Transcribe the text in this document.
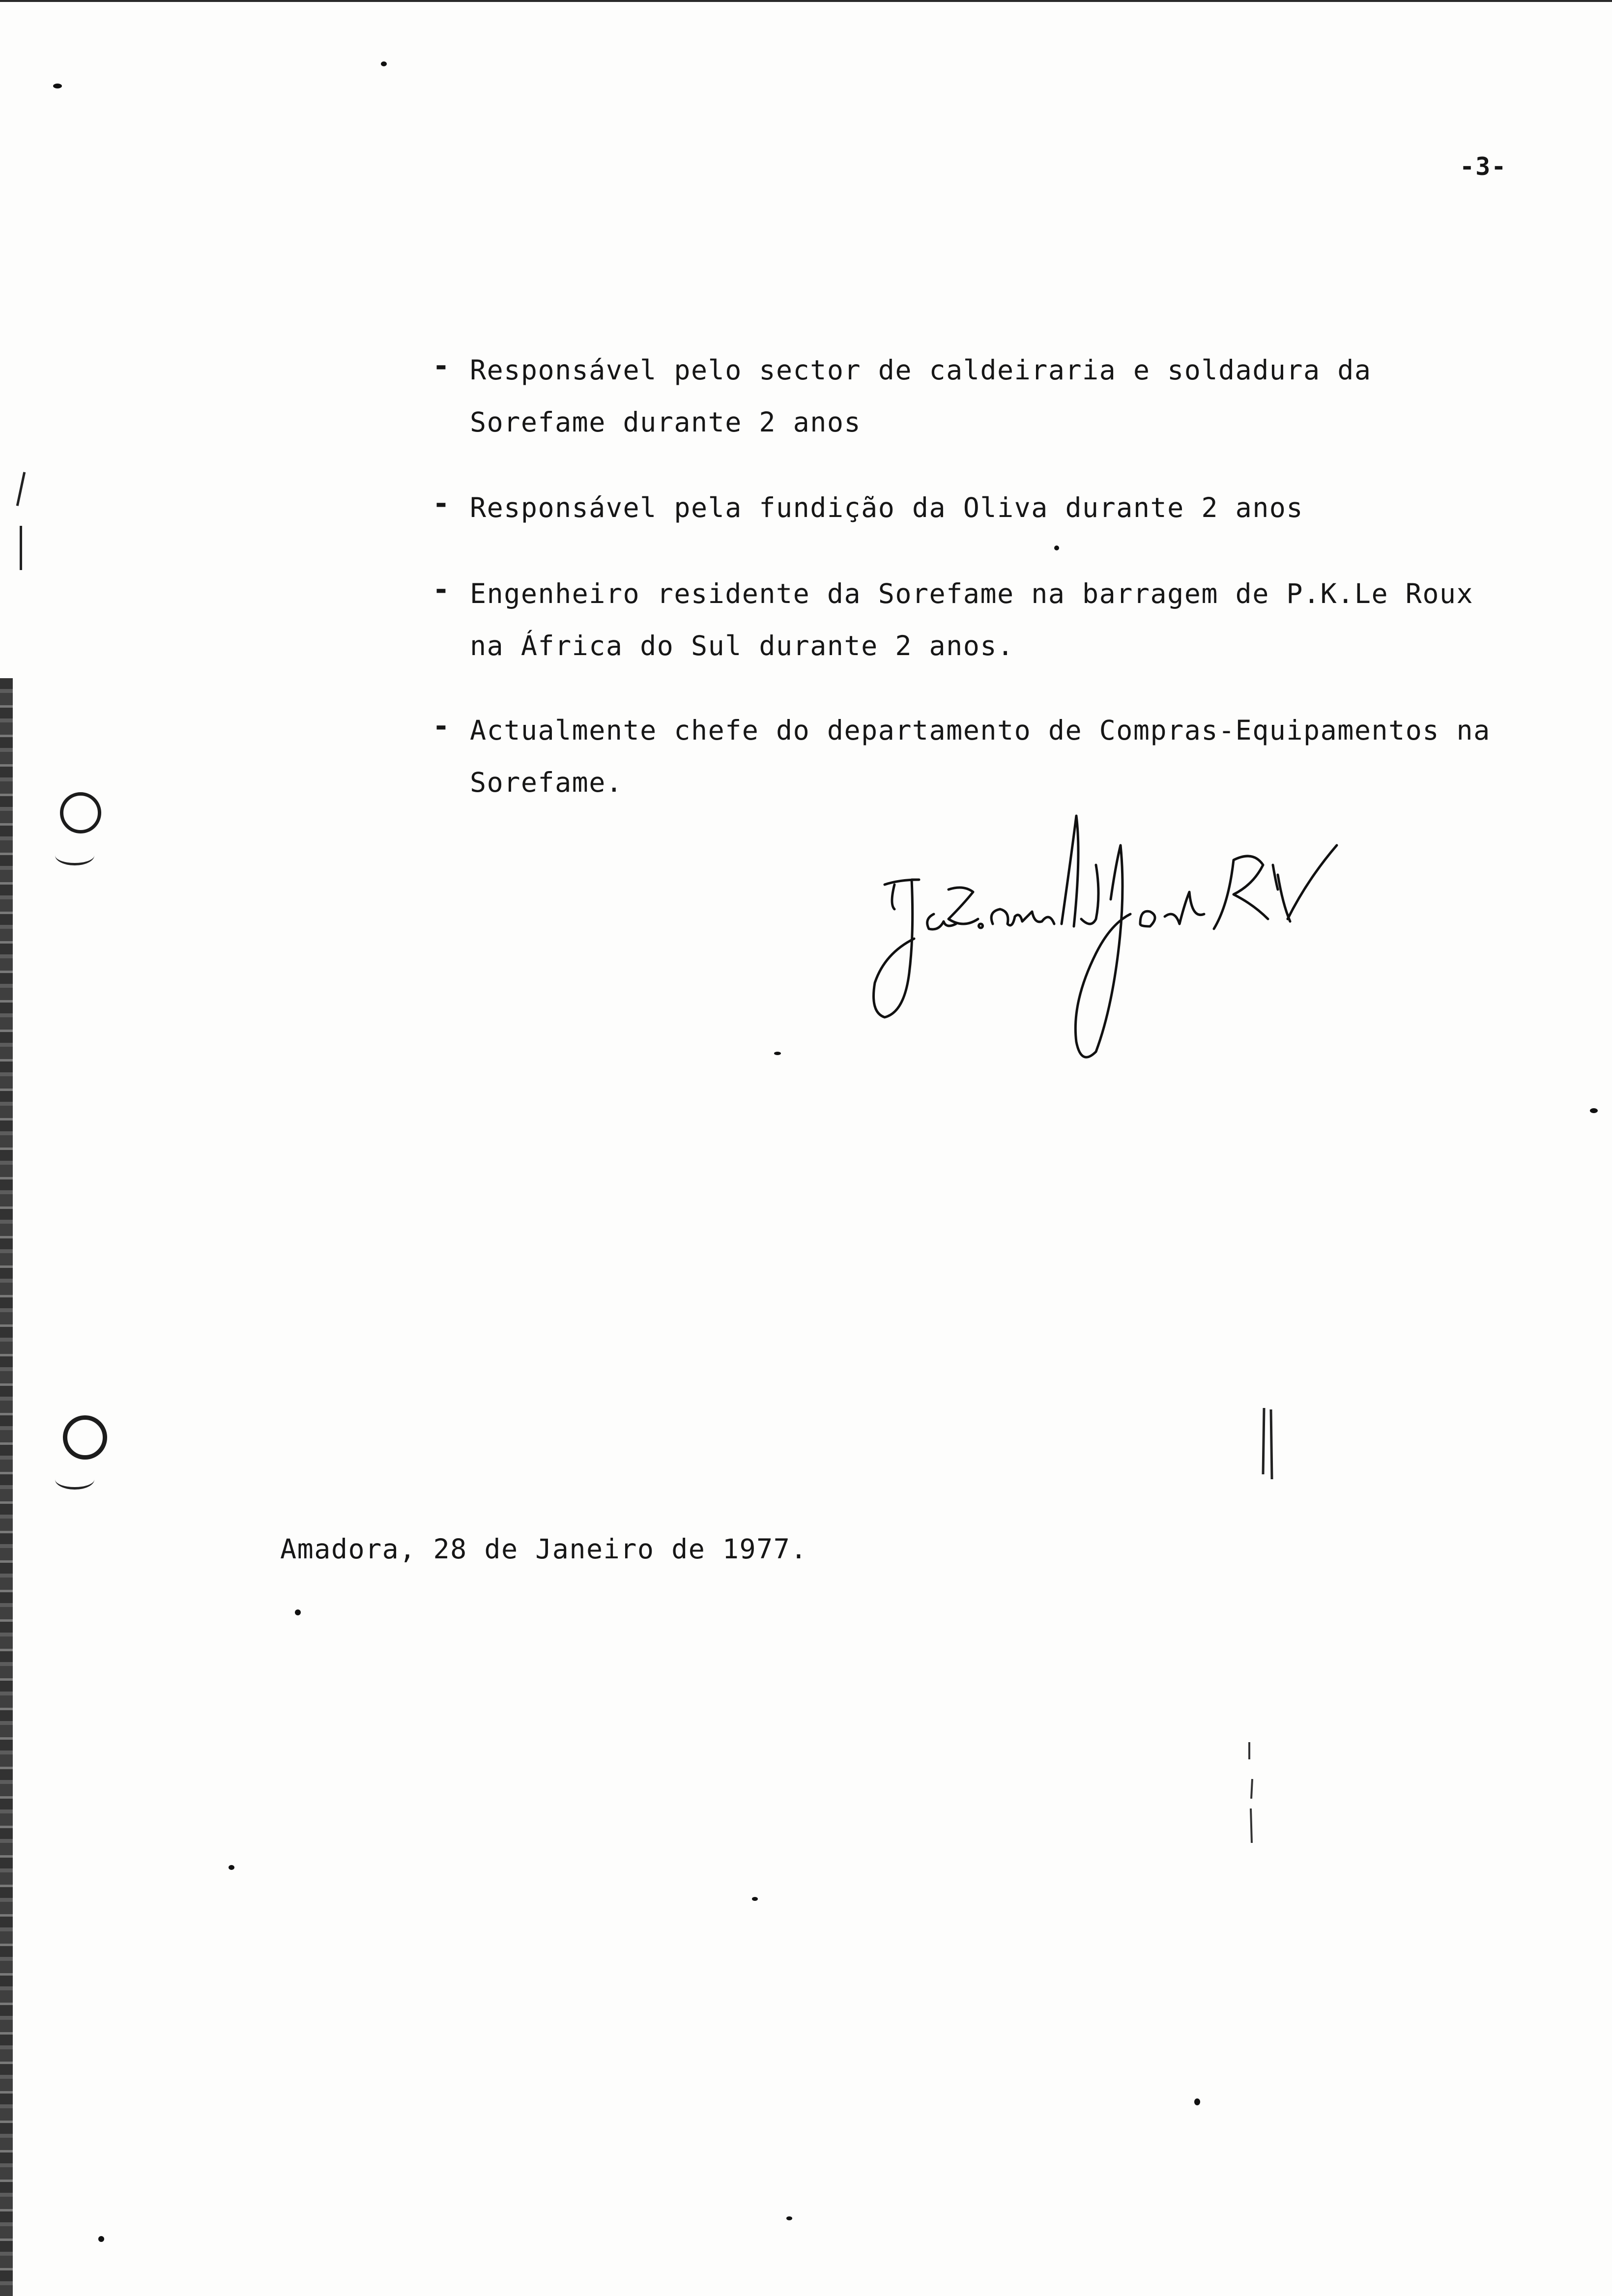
-3-
- Responsável pelo sector de caldeiraria e soldadura da
Sorefame durante 2 anos
- Responsável pela fundição da Oliva durante 2 anos
- Engenheiro residente da Sorefame na barragem de P.K.Le Roux
na África do Sul durante 2 anos.
- Actualmente chefe do departamento de Compras-Equipamentos na
Sorefame.
Amadora, 28 de Janeiro de 1977.
